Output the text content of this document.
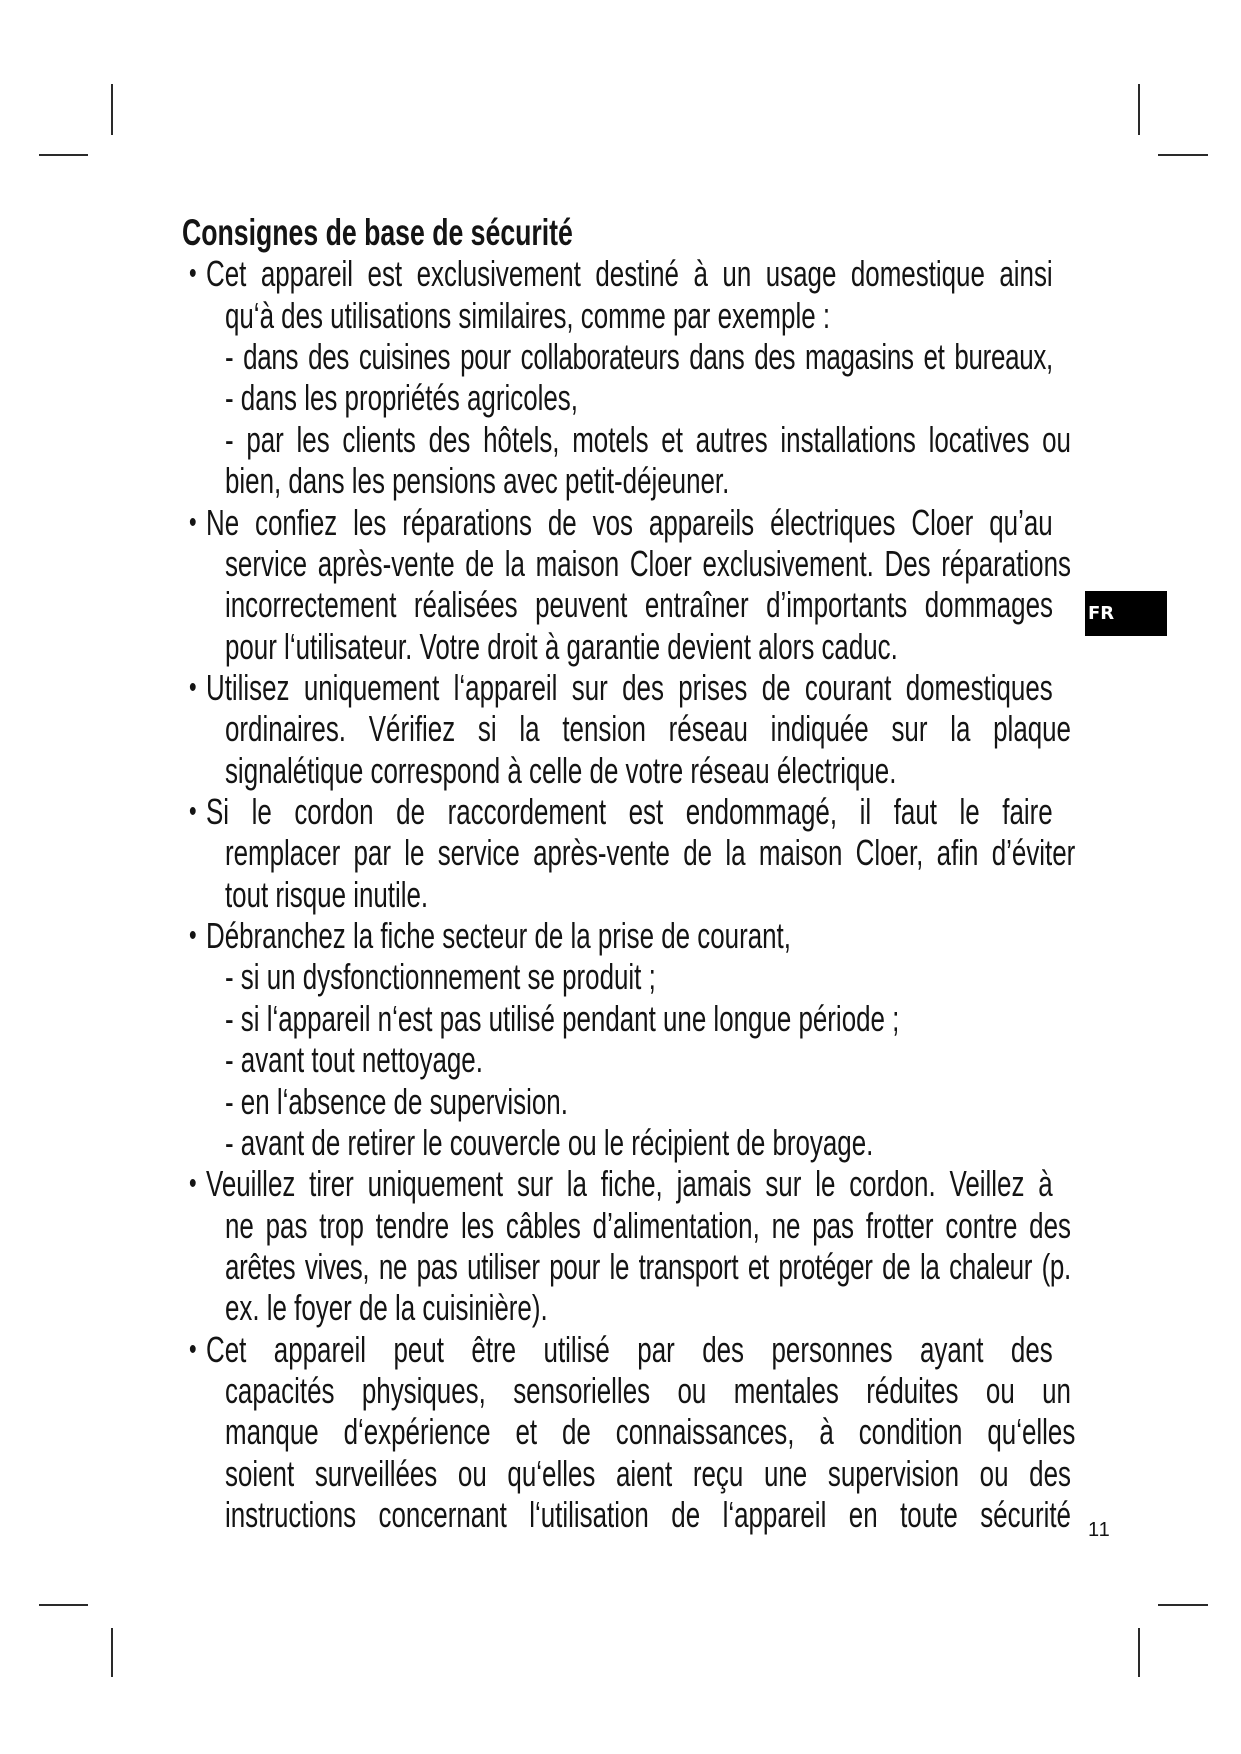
Consignes de base de sécurité
• Cet appareil est exclusivement destiné à un usage domestique ainsi
qu‘à des utilisations similaires, comme par exemple :
- dans des cuisines pour collaborateurs dans des magasins et bureaux,
- dans les propriétés agricoles,
- par les clients des hôtels, motels et autres installations locatives ou
bien, dans les pensions avec petit-déjeuner.
• Ne confiez les réparations de vos appareils électriques Cloer qu’au
service après-vente de la maison Cloer exclusivement. Des réparations
incorrectement réalisées peuvent entraîner d’importants dommages
pour l‘utilisateur. Votre droit à garantie devient alors caduc.
• Utilisez uniquement l‘appareil sur des prises de courant domestiques
ordinaires. Vérifiez si la tension réseau indiquée sur la plaque
signalétique correspond à celle de votre réseau électrique.
• Si le cordon de raccordement est endommagé, il faut le faire
remplacer par le service après-vente de la maison Cloer, afin d’éviter
tout risque inutile.
• Débranchez la fiche secteur de la prise de courant,
- si un dysfonctionnement se produit ;
- si l‘appareil n‘est pas utilisé pendant une longue période ;
- avant tout nettoyage.
- en l‘absence de supervision.
- avant de retirer le couvercle ou le récipient de broyage.
• Veuillez tirer uniquement sur la fiche, jamais sur le cordon. Veillez à
ne pas trop tendre les câbles d’alimentation, ne pas frotter contre des
arêtes vives, ne pas utiliser pour le transport et protéger de la chaleur (p.
ex. le foyer de la cuisinière).
• Cet appareil peut être utilisé par des personnes ayant des
capacités physiques, sensorielles ou mentales réduites ou un
manque d‘expérience et de connaissances, à condition qu‘elles
soient surveillées ou qu‘elles aient reçu une supervision ou des
instructions concernant l‘utilisation de l‘appareil en toute sécurité
FR
11
